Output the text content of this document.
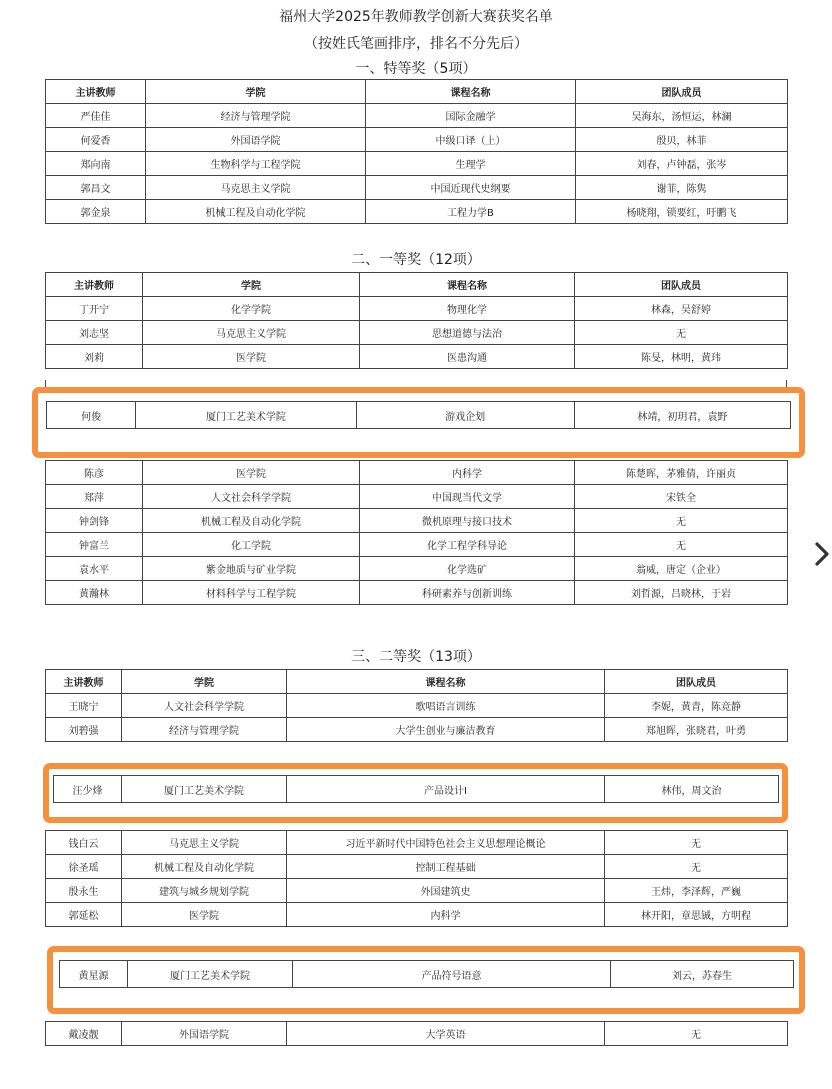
福州大学2025年教师教学创新大赛获奖名单
（按姓氏笔画排序，排名不分先后）
一、特等奖（5项）
主讲教师	学院	课程名称	团队成员
严佳佳	经济与管理学院	国际金融学	吴海东，汤恒运，林澜
何爱香	外国语学院	中级口译（上）	殷贝，林菲
郑向南	生物科学与工程学院	生理学	刘春，卢钟磊，张岑
郭昌文	马克思主义学院	中国近现代史纲要	谢菲，陈隽
郭金泉	机械工程及自动化学院	工程力学B	杨晓翔，锁要红，吁鹏飞
二、一等奖（12项）
主讲教师	学院	课程名称	团队成员
丁开宁	化学学院	物理化学	林森，吴舒婷
刘志坚	马克思主义学院	思想道德与法治	无
刘莉	医学院	医患沟通	陈旻，林明，黄玮
何俊	厦门工艺美术学院	游戏企划	林靖，初玥君，袁野
陈彦	医学院	内科学	陈楚晖，茅雅倩，许丽贞
郑萍	人文社会科学学院	中国现当代文学	宋铁全
钟剑锋	机械工程及自动化学院	微机原理与接口技术	无
钟富兰	化工学院	化学工程学科导论	无
袁水平	紫金地质与矿业学院	化学选矿	翁威，唐定（企业）
黄瀚林	材料科学与工程学院	科研素养与创新训练	刘哲源，吕晓林，于岩
三、二等奖（13项）
主讲教师	学院	课程名称	团队成员
王晓宁	人文社会科学学院	歌唱语言训练	李妮，黄青，陈竞静
刘碧强	经济与管理学院	大学生创业与廉洁教育	郑旭晖，张晓君，叶勇
汪少烽	厦门工艺美术学院	产品设计Ⅰ	林伟，周文治
钱白云	马克思主义学院	习近平新时代中国特色社会主义思想理论概论	无
徐圣瑶	机械工程及自动化学院	控制工程基础	无
殷永生	建筑与城乡规划学院	外国建筑史	王炜，李泽辉，严巍
郭延松	医学院	内科学	林开阳，章思铖，方明程
黄星源	厦门工艺美术学院	产品符号语意	刘云，苏春生
戴凌靓	外国语学院	大学英语	无
